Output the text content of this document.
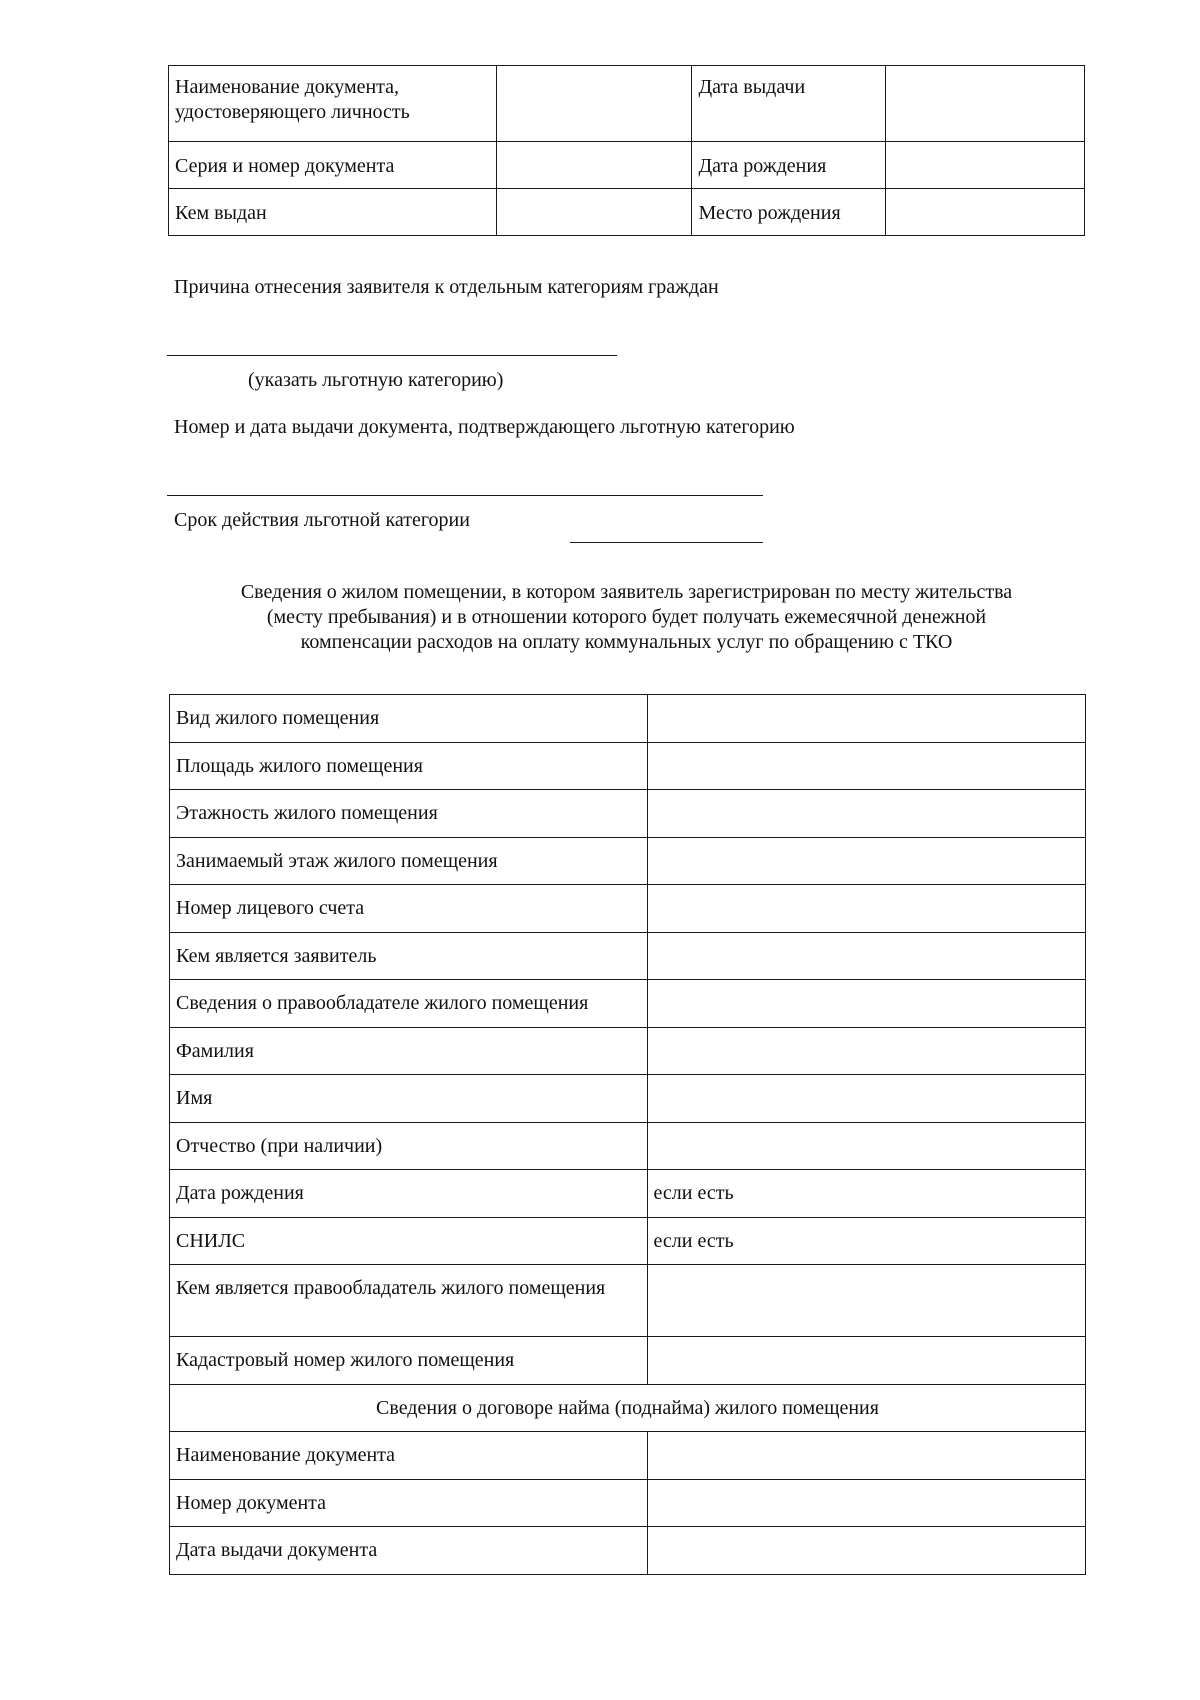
Наименование документа, удостоверяющего личность		Дата выдачи	
Серия и номер документа		Дата рождения	
Кем выдан		Место рождения	
Причина отнесения заявителя к отдельным категориям граждан
(указать льготную категорию)
Номер и дата выдачи документа, подтверждающего льготную категорию
Срок действия льготной категории
Сведения о жилом помещении, в котором заявитель зарегистрирован по месту жительства
(месту пребывания) и в отношении которого будет получать ежемесячной денежной
компенсации расходов на оплату коммунальных услуг по обращению с ТКО
Вид жилого помещения	
Площадь жилого помещения	
Этажность жилого помещения	
Занимаемый этаж жилого помещения	
Номер лицевого счета	
Кем является заявитель	
Сведения о правообладателе жилого помещения	
Фамилия	
Имя	
Отчество (при наличии)	
Дата рождения	если есть
СНИЛС	если есть
Кем является правообладатель жилого помещения	
Кадастровый номер жилого помещения	
Сведения о договоре найма (поднайма) жилого помещения	
Наименование документа	
Номер документа	
Дата выдачи документа	
